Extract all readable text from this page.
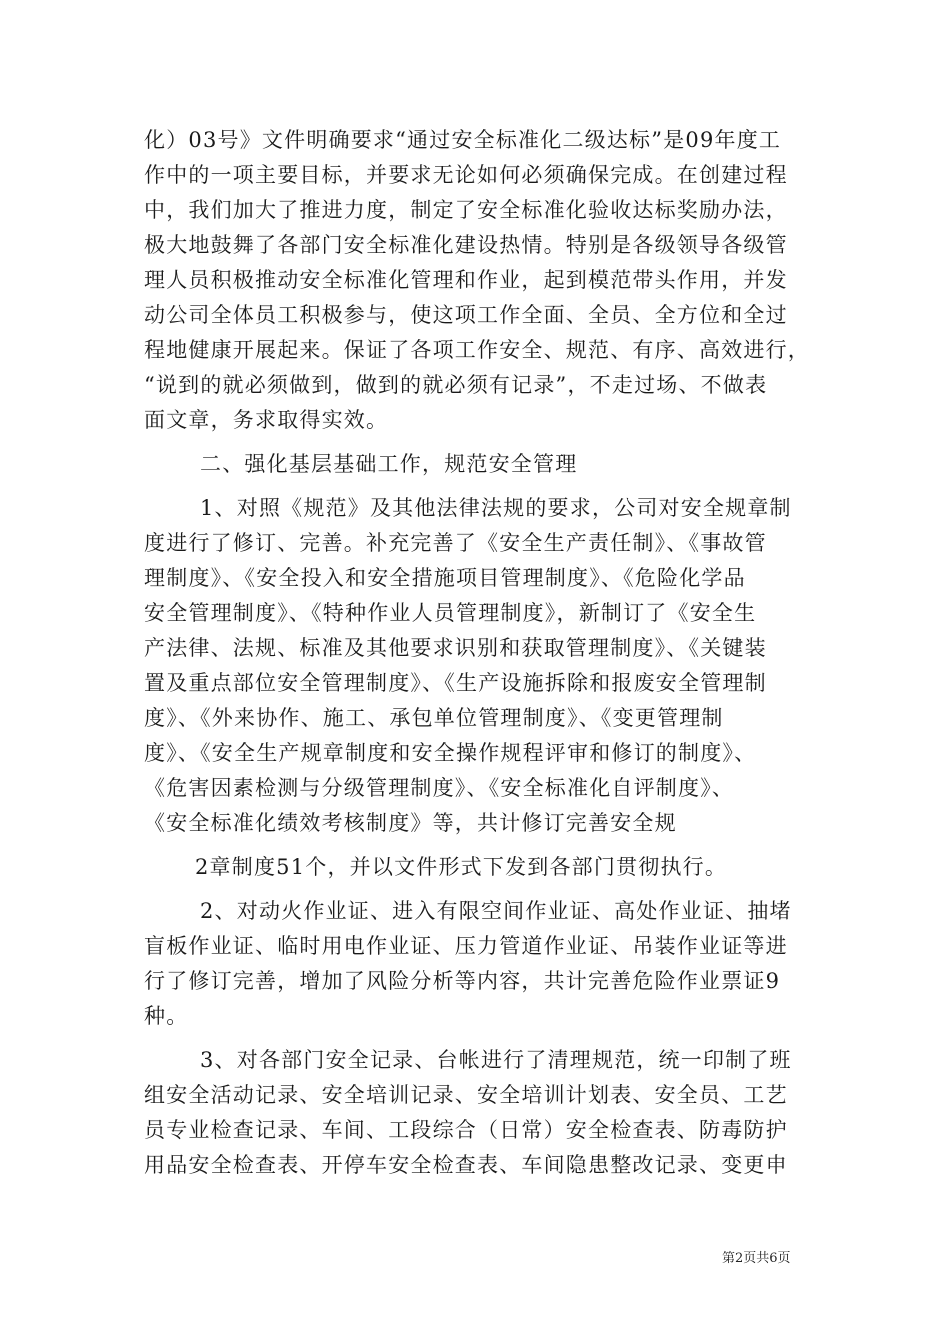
化）03号》文件明确要求“通过安全标准化二级达标”是09年度工
作中的一项主要目标，并要求无论如何必须确保完成。在创建过程
中，我们加大了推进力度，制定了安全标准化验收达标奖励办法，
极大地鼓舞了各部门安全标准化建设热情。特别是各级领导各级管
理人员积极推动安全标准化管理和作业，起到模范带头作用，并发
动公司全体员工积极参与，使这项工作全面、全员、全方位和全过
程地健康开展起来。保证了各项工作安全、规范、有序、高效进行，
“说到的就必须做到，做到的就必须有记录”，不走过场、不做表
面文章，务求取得实效。
二、强化基层基础工作，规范安全管理
1、对照《规范》及其他法律法规的要求，公司对安全规章制
度进行了修订、完善。补充完善了《安全生产责任制》、《事故管
理制度》、《安全投入和安全措施项目管理制度》、《危险化学品
安全管理制度》、《特种作业人员管理制度》，新制订了《安全生
产法律、法规、标准及其他要求识别和获取管理制度》、《关键装
置及重点部位安全管理制度》、《生产设施拆除和报废安全管理制
度》、《外来协作、施工、承包单位管理制度》、《变更管理制
度》、《安全生产规章制度和安全操作规程评审和修订的制度》、
《危害因素检测与分级管理制度》、《安全标准化自评制度》、
《安全标准化绩效考核制度》等，共计修订完善安全规
2章制度51个，并以文件形式下发到各部门贯彻执行。
2、对动火作业证、进入有限空间作业证、高处作业证、抽堵
盲板作业证、临时用电作业证、压力管道作业证、吊装作业证等进
行了修订完善，增加了风险分析等内容，共计完善危险作业票证9
种。
3、对各部门安全记录、台帐进行了清理规范，统一印制了班
组安全活动记录、安全培训记录、安全培训计划表、安全员、工艺
员专业检查记录、车间、工段综合（日常）安全检查表、防毒防护
用品安全检查表、开停车安全检查表、车间隐患整改记录、变更申
第2页共6页
